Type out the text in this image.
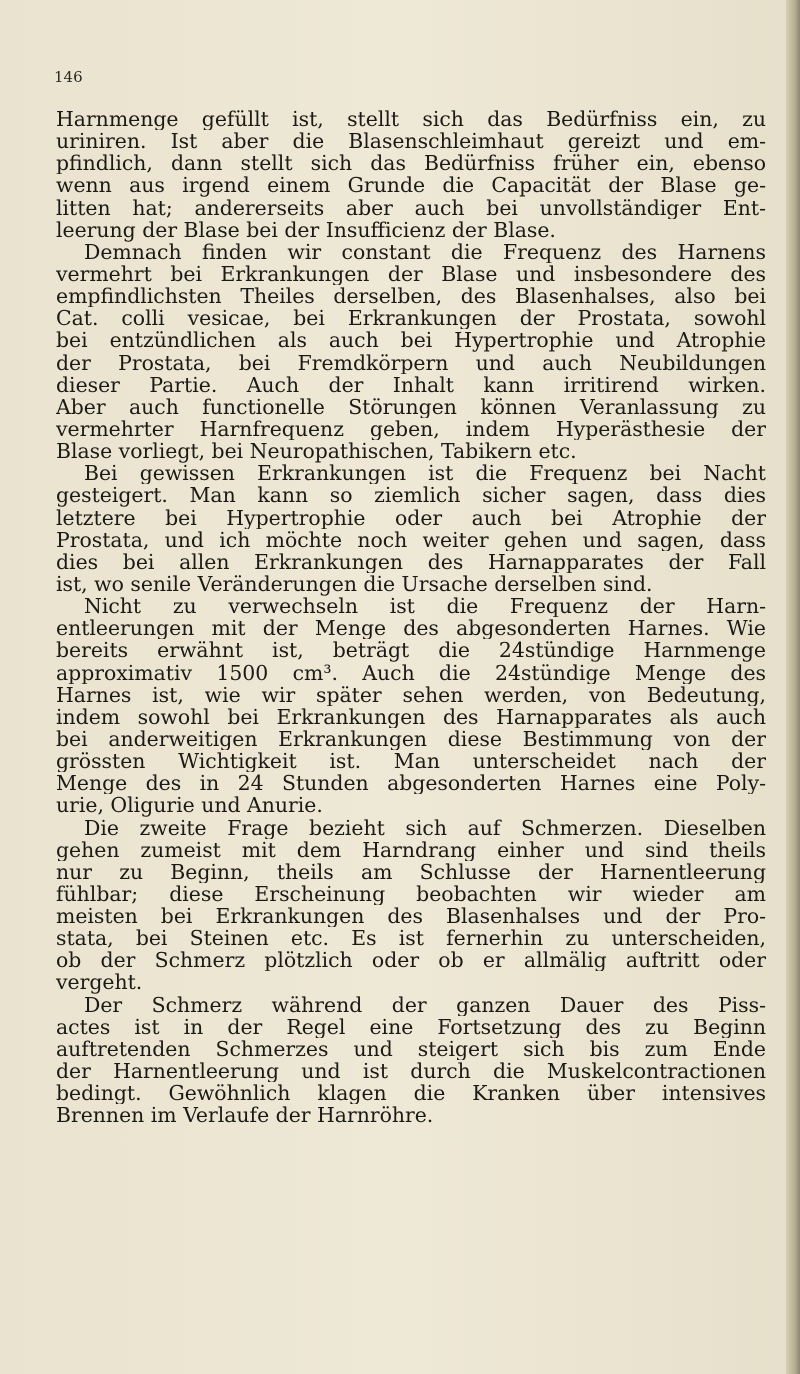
146
Harnmenge gefüllt ist, stellt sich das Bedürfniss ein, zu
uriniren. Ist aber die Blasenschleimhaut gereizt und em-
pfindlich, dann stellt sich das Bedürfniss früher ein, ebenso
wenn aus irgend einem Grunde die Capacität der Blase ge-
litten hat; andererseits aber auch bei unvollständiger Ent-
leerung der Blase bei der Insufficienz der Blase.
Demnach finden wir constant die Frequenz des Harnens
vermehrt bei Erkrankungen der Blase und insbesondere des
empfindlichsten Theiles derselben, des Blasenhalses, also bei
Cat. colli vesicae, bei Erkrankungen der Prostata, sowohl
bei entzündlichen als auch bei Hypertrophie und Atrophie
der Prostata, bei Fremdkörpern und auch Neubildungen
dieser Partie. Auch der Inhalt kann irritirend wirken.
Aber auch functionelle Störungen können Veranlassung zu
vermehrter Harnfrequenz geben, indem Hyperästhesie der
Blase vorliegt, bei Neuropathischen, Tabikern etc.
Bei gewissen Erkrankungen ist die Frequenz bei Nacht
gesteigert. Man kann so ziemlich sicher sagen, dass dies
letztere bei Hypertrophie oder auch bei Atrophie der
Prostata, und ich möchte noch weiter gehen und sagen, dass
dies bei allen Erkrankungen des Harnapparates der Fall
ist, wo senile Veränderungen die Ursache derselben sind.
Nicht zu verwechseln ist die Frequenz der Harn-
entleerungen mit der Menge des abgesonderten Harnes. Wie
bereits erwähnt ist, beträgt die 24stündige Harnmenge
approximativ 1500 cm³. Auch die 24stündige Menge des
Harnes ist, wie wir später sehen werden, von Bedeutung,
indem sowohl bei Erkrankungen des Harnapparates als auch
bei anderweitigen Erkrankungen diese Bestimmung von der
grössten Wichtigkeit ist. Man unterscheidet nach der
Menge des in 24 Stunden abgesonderten Harnes eine Poly-
urie, Oligurie und Anurie.
Die zweite Frage bezieht sich auf Schmerzen. Dieselben
gehen zumeist mit dem Harndrang einher und sind theils
nur zu Beginn, theils am Schlusse der Harnentleerung
fühlbar; diese Erscheinung beobachten wir wieder am
meisten bei Erkrankungen des Blasenhalses und der Pro-
stata, bei Steinen etc. Es ist fernerhin zu unterscheiden,
ob der Schmerz plötzlich oder ob er allmälig auftritt oder
vergeht.
Der Schmerz während der ganzen Dauer des Piss-
actes ist in der Regel eine Fortsetzung des zu Beginn
auftretenden Schmerzes und steigert sich bis zum Ende
der Harnentleerung und ist durch die Muskelcontractionen
bedingt. Gewöhnlich klagen die Kranken über intensives
Brennen im Verlaufe der Harnröhre.
